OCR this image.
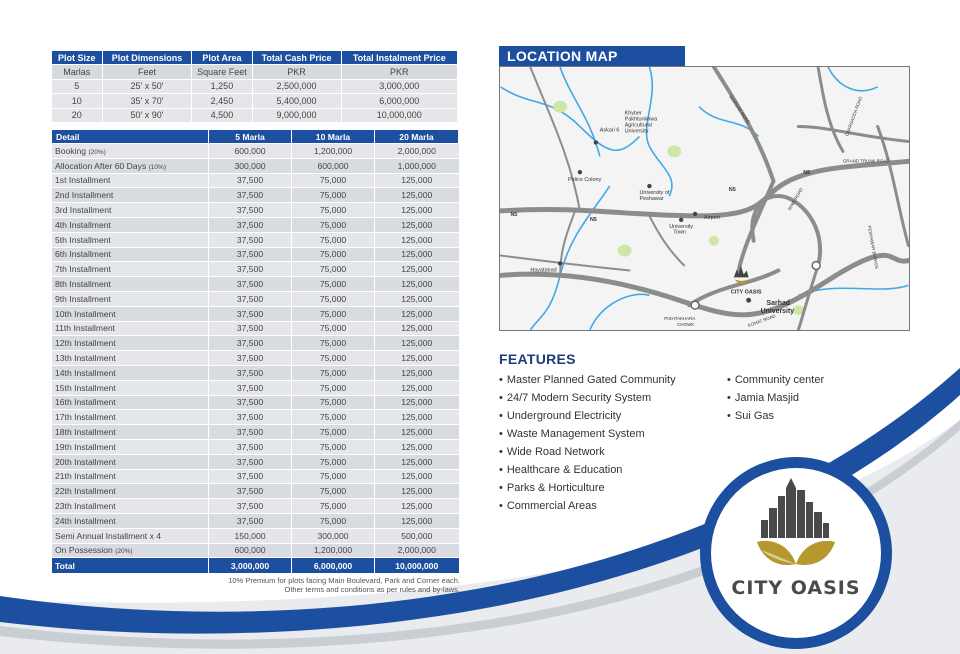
Plot Size	Plot Dimensions	Plot Area	Total Cash Price	Total Instalment Price
Marlas	Feet	Square Feet	PKR	PKR
5	25' x 50'	1,250	2,500,000	3,000,000
10	35' x 70'	2,450	5,400,000	6,000,000
20	50' x 90'	4,500	9,000,000	10,000,000
Detail	5 Marla	10 Marla	20 Marla
Booking (20%)	600,000	1,200,000	2,000,000
Allocation After 60 Days (10%)	300,000	600,000	1,000,000
1st Installment	37,500	75,000	125,000
2nd Installment	37,500	75,000	125,000
3rd Installment	37,500	75,000	125,000
4th Installment	37,500	75,000	125,000
5th Installment	37,500	75,000	125,000
6th Installment	37,500	75,000	125,000
7th Installment	37,500	75,000	125,000
8th Installment	37,500	75,000	125,000
9th Installment	37,500	75,000	125,000
10th Installment	37,500	75,000	125,000
11th Installment	37,500	75,000	125,000
12th Installment	37,500	75,000	125,000
13th Installment	37,500	75,000	125,000
14th Installment	37,500	75,000	125,000
15th Installment	37,500	75,000	125,000
16th Installment	37,500	75,000	125,000
17th Installment	37,500	75,000	125,000
18th Installment	37,500	75,000	125,000
19th Installment	37,500	75,000	125,000
20th Installment	37,500	75,000	125,000
21th Installment	37,500	75,000	125,000
22th Installment	37,500	75,000	125,000
23th Installment	37,500	75,000	125,000
24th Installment	37,500	75,000	125,000
Semi Annual Installment x 4	150,000	300,000	500,000
On Possession (20%)	600,000	1,200,000	2,000,000
Total	3,000,000	6,000,000	10,000,000
10% Premium for plots facing Main Boulevard, Park and Corner each.
Other terms and conditions as per rules and by-laws.
LOCATION MAP
Askari 6
Khyber
Pakhtunkhwa
Agricultural
University
Police Colony
University of
Peshawar
Airport
University
Town
Hayatabad
CITY OASIS
Sarhad
University
PISHTAKHARA
CHOWK
N5
N5
N5
N5
GRAND TRUNK ROAD
WARSAK ROAD	CHARSADDA ROAD
RING ROAD
KOHAT ROAD
PESHAWAR BYPASS
FEATURES
• Master Planned Gated Community
• 24/7 Modern Security System
• Underground Electricity
• Waste Management System
• Wide Road Network
• Healthcare & Education
• Parks & Horticulture
• Commercial Areas
• Community center
• Jamia Masjid
• Sui Gas
CITY OASIS
